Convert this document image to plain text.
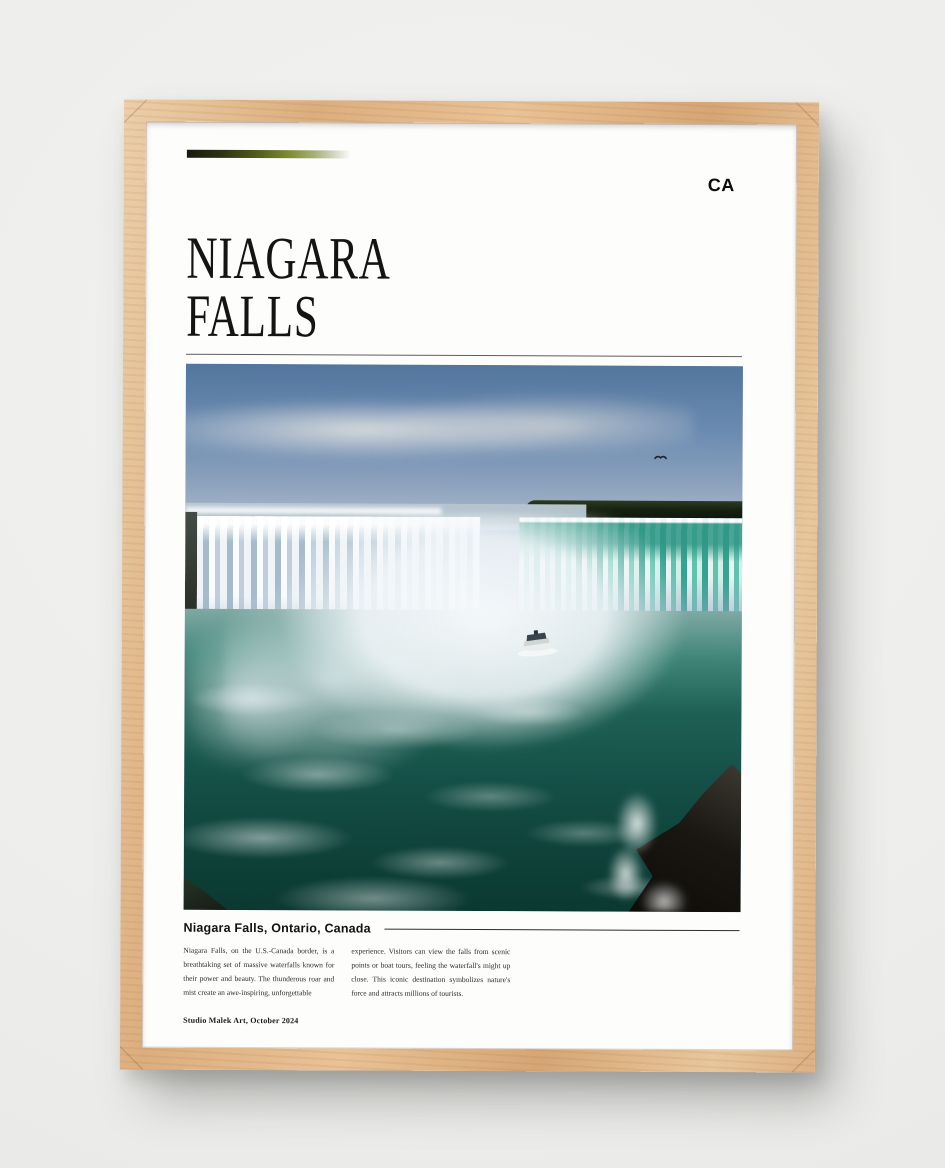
CA
NIAGARA
FALLS
Niagara Falls, Ontario, Canada

Niagara Falls, on the U.S.-Canada border, is a breathtaking set of massive waterfalls known for their power and beauty. The thunderous roar and mist create an awe-inspiring, unforgettable

experience. Visitors can view the falls from scenic points or boat tours, feeling the waterfall's might up close. This iconic destination symbolizes nature's force and attracts millions of tourists.

Studio Malek Art, October 2024
